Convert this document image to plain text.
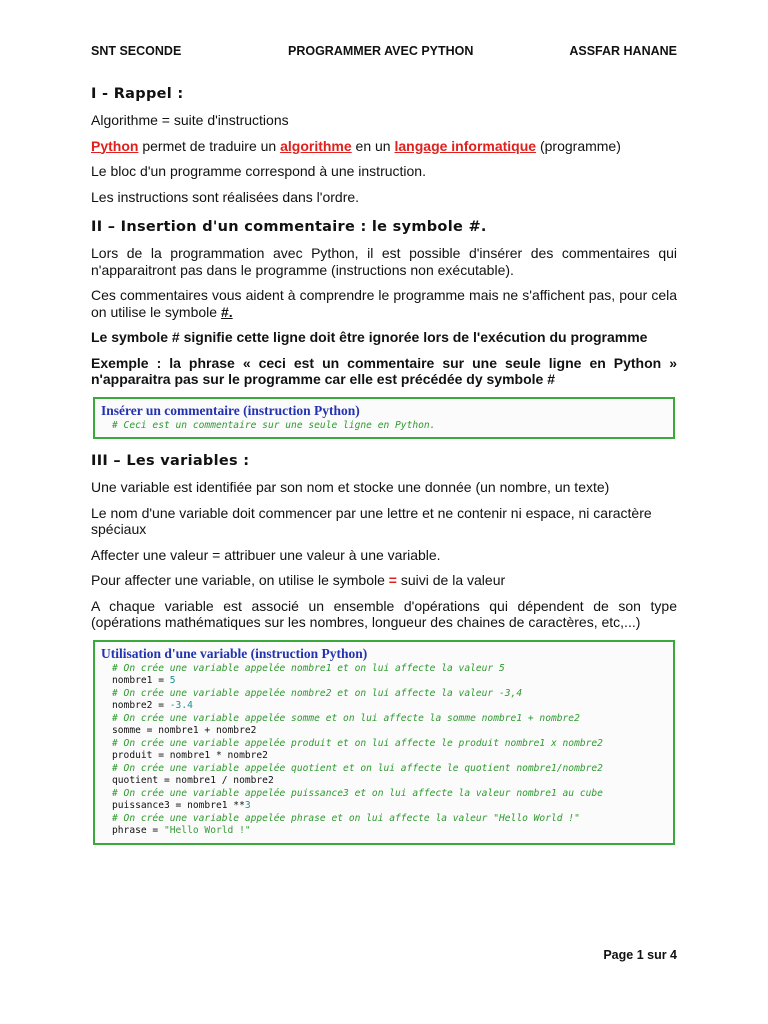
SNT SECONDE	PROGRAMMER AVEC PYTHON	ASSFAR HANANE
I - Rappel :

Algorithme = suite d'instructions

Python permet de traduire un algorithme en un langage informatique (programme)

Le bloc d'un programme correspond à une instruction.

Les instructions sont réalisées dans l'ordre.

II – Insertion d'un commentaire : le symbole #.

Lors de la programmation avec Python, il est possible d'insérer des commentaires qui n'apparaitront pas dans le programme (instructions non exécutable).

Ces commentaires vous aident à comprendre le programme mais ne s'affichent pas, pour cela on utilise le symbole #.

Le symbole # signifie cette ligne doit être ignorée lors de l'exécution du programme

Exemple : la phrase « ceci est un commentaire sur une seule ligne en Python » n'apparaitra pas sur le programme car elle est précédée dy symbole #

Insérer un commentaire (instruction Python)
# Ceci est un commentaire sur une seule ligne en Python.
III – Les variables :

Une variable est identifiée par son nom et stocke une donnée (un nombre, un texte)

Le nom d'une variable doit commencer par une lettre et ne contenir ni espace, ni caractère spéciaux

Affecter une valeur = attribuer une valeur à une variable.

Pour affecter une variable, on utilise le symbole = suivi de la valeur

A chaque variable est associé un ensemble d'opérations qui dépendent de son type (opérations mathématiques sur les nombres, longueur des chaines de caractères, etc,...)

Utilisation d'une variable (instruction Python)
# On crée une variable appelée nombre1 et on lui affecte la valeur 5
nombre1 = 5
# On crée une variable appelée nombre2 et on lui affecte la valeur -3,4
nombre2 = -3.4
# On crée une variable appelée somme et on lui affecte la somme nombre1 + nombre2
somme = nombre1 + nombre2
# On crée une variable appelée produit et on lui affecte le produit nombre1 x nombre2
produit = nombre1 * nombre2
# On crée une variable appelée quotient et on lui affecte le quotient nombre1/nombre2
quotient = nombre1 / nombre2
# On crée une variable appelée puissance3 et on lui affecte la valeur nombre1 au cube
puissance3 = nombre1 **3
# On crée une variable appelée phrase et on lui affecte la valeur "Hello World !"
phrase = "Hello World !"
Page 1 sur 4
